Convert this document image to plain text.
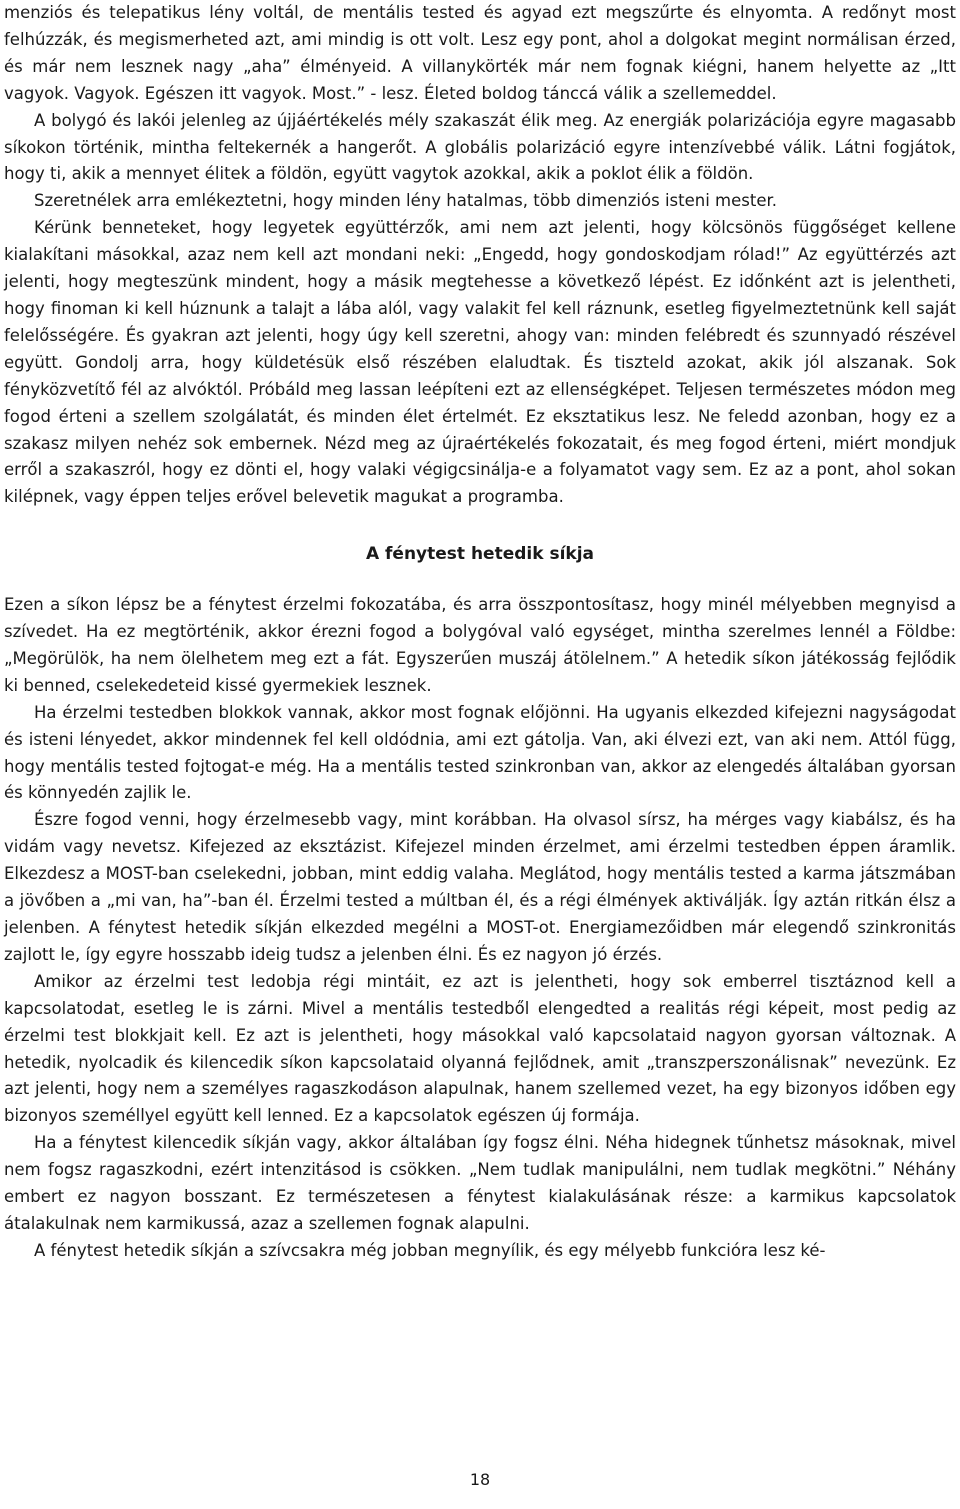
menziós és telepatikus lény voltál, de mentális tested és agyad ezt megszűrte és elnyomta. A redőnyt most felhúzzák, és megismerheted azt, ami mindig is ott volt. Lesz egy pont, ahol a dolgokat megint normálisan érzed, és már nem lesznek nagy „aha” élményeid. A villanykörték már nem fognak kiégni, hanem helyette az „Itt vagyok. Vagyok. Egészen itt vagyok. Most.” - lesz. Életed boldog tánccá válik a szellemeddel.

A bolygó és lakói jelenleg az újjáértékelés mély szakaszát élik meg. Az energiák polarizációja egyre magasabb síkokon történik, mintha feltekernék a hangerőt. A globális polarizáció egyre intenzívebbé válik. Látni fogjátok, hogy ti, akik a mennyet élitek a földön, együtt vagytok azokkal, akik a poklot élik a földön.

Szeretnélek arra emlékeztetni, hogy minden lény hatalmas, több dimenziós isteni mester.

Kérünk benneteket, hogy legyetek együttérzők, ami nem azt jelenti, hogy kölcsönös függőséget kellene kialakítani másokkal, azaz nem kell azt mondani neki: „Engedd, hogy gondoskodjam rólad!” Az együttérzés azt jelenti, hogy megteszünk mindent, hogy a másik megtehesse a következő lépést. Ez időnként azt is jelentheti, hogy finoman ki kell húznunk a talajt a lába alól, vagy valakit fel kell ráznunk, esetleg figyelmeztetnünk kell saját felelősségére. És gyakran azt jelenti, hogy úgy kell szeretni, ahogy van: minden felébredt és szunnyadó részével együtt. Gondolj arra, hogy küldetésük első részében elaludtak. És tiszteld azokat, akik jól alszanak. Sok fényközvetítő fél az alvóktól. Próbáld meg lassan leépíteni ezt az ellenségképet. Teljesen természetes módon meg fogod érteni a szellem szolgálatát, és minden élet értelmét. Ez eksztatikus lesz. Ne feledd azonban, hogy ez a szakasz milyen nehéz sok embernek. Nézd meg az újraértékelés fokozatait, és meg fogod érteni, miért mondjuk erről a szakaszról, hogy ez dönti el, hogy valaki végigcsinálja-e a folyamatot vagy sem. Ez az a pont, ahol sokan kilépnek, vagy éppen teljes erővel belevetik magukat a programba.

A fénytest hetedik síkja

Ezen a síkon lépsz be a fénytest érzelmi fokozatába, és arra összpontosítasz, hogy minél mélyebben megnyisd a szívedet. Ha ez megtörténik, akkor érezni fogod a bolygóval való egységet, mintha szerelmes lennél a Földbe: „Megörülök, ha nem ölelhetem meg ezt a fát. Egyszerűen muszáj átölelnem.” A hetedik síkon játékosság fejlődik ki benned, cselekedeteid kissé gyermekiek lesznek.

Ha érzelmi testedben blokkok vannak, akkor most fognak előjönni. Ha ugyanis elkezded kifejezni nagyságodat és isteni lényedet, akkor mindennek fel kell oldódnia, ami ezt gátolja. Van, aki élvezi ezt, van aki nem. Attól függ, hogy mentális tested fojtogat-e még. Ha a mentális tested szinkronban van, akkor az elengedés általában gyorsan és könnyedén zajlik le.

Észre fogod venni, hogy érzelmesebb vagy, mint korábban. Ha olvasol sírsz, ha mérges vagy kiabálsz, és ha vidám vagy nevetsz. Kifejezed az eksztázist. Kifejezel minden érzelmet, ami érzelmi testedben éppen áramlik. Elkezdesz a MOST-ban cselekedni, jobban, mint eddig valaha. Meglátod, hogy mentális tested a karma játszmában a jövőben a „mi van, ha”-ban él. Érzelmi tested a múltban él, és a régi élmények aktiválják. Így aztán ritkán élsz a jelenben. A fénytest hetedik síkján elkezded megélni a MOST-ot. Energiamezőidben már elegendő szinkronitás zajlott le, így egyre hosszabb ideig tudsz a jelenben élni. És ez nagyon jó érzés.

Amikor az érzelmi test ledobja régi mintáit, ez azt is jelentheti, hogy sok emberrel tisztáznod kell a kapcsolatodat, esetleg le is zárni. Mivel a mentális testedből elengedted a realitás régi képeit, most pedig az érzelmi test blokkjait kell. Ez azt is jelentheti, hogy másokkal való kapcsolataid nagyon gyorsan változnak. A hetedik, nyolcadik és kilencedik síkon kapcsolataid olyanná fejlődnek, amit „transzperszonálisnak” nevezünk. Ez azt jelenti, hogy nem a személyes ragaszkodáson alapulnak, hanem szellemed vezet, ha egy bizonyos időben egy bizonyos személlyel együtt kell lenned. Ez a kapcsolatok egészen új formája.

Ha a fénytest kilencedik síkján vagy, akkor általában így fogsz élni. Néha hidegnek tűnhetsz másoknak, mivel nem fogsz ragaszkodni, ezért intenzitásod is csökken. „Nem tudlak manipulálni, nem tudlak megkötni.” Néhány embert ez nagyon bosszant. Ez természetesen a fénytest kialakulásának része: a karmikus kapcsolatok átalakulnak nem karmikussá, azaz a szellemen fognak alapulni.

A fénytest hetedik síkján a szívcsakra még jobban megnyílik, és egy mélyebb funkcióra lesz ké-

18
